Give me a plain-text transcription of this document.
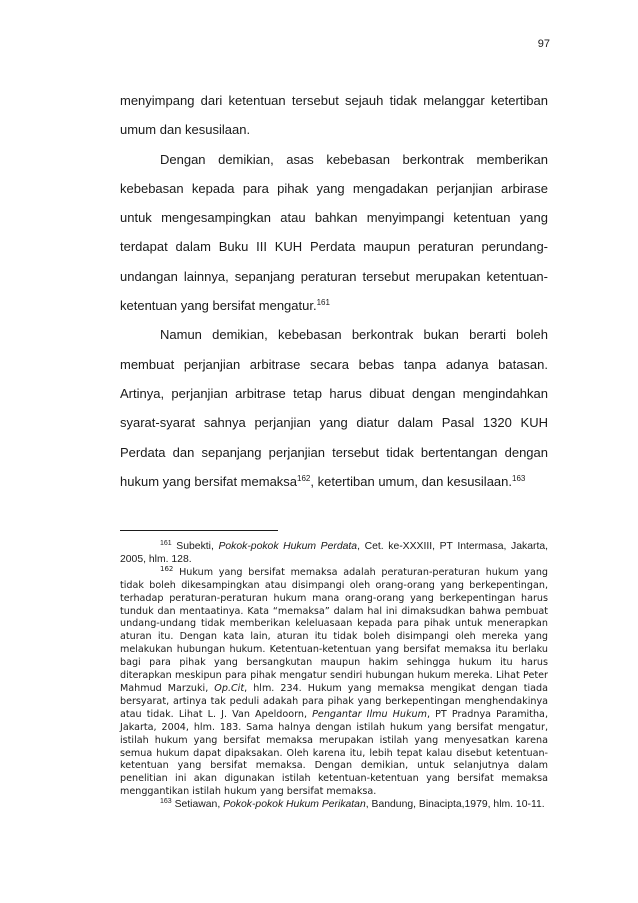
97

menyimpang dari ketentuan tersebut sejauh tidak melanggar ketertiban umum dan kesusilaan.

Dengan demikian, asas kebebasan berkontrak memberikan kebebasan kepada para pihak yang mengadakan perjanjian arbirase untuk mengesampingkan atau bahkan menyimpangi ketentuan yang terdapat dalam Buku III KUH Perdata maupun peraturan perundang-undangan lainnya, sepanjang peraturan tersebut merupakan ketentuan-ketentuan yang bersifat mengatur.$^{161}$

Namun demikian, kebebasan berkontrak bukan berarti boleh membuat perjanjian arbitrase secara bebas tanpa adanya batasan. Artinya, perjanjian arbitrase tetap harus dibuat dengan mengindahkan syarat-syarat sahnya perjanjian yang diatur dalam Pasal 1320 KUH Perdata dan sepanjang perjanjian tersebut tidak bertentangan dengan hukum yang bersifat memaksa$^{162}$, ketertiban umum, dan kesusilaan.$^{163}$

$^{161}$ Subekti, Pokok-pokok Hukum Perdata, Cet. ke-XXXIII, PT Intermasa, Jakarta, 2005, hlm. 128.

$^{162}$ Hukum yang bersifat memaksa adalah peraturan-peraturan hukum yang tidak boleh dikesampingkan atau disimpangi oleh orang-orang yang berkepentingan, terhadap peraturan-peraturan hukum mana orang-orang yang berkepentingan harus tunduk dan mentaatinya. Kata “memaksa” dalam hal ini dimaksudkan bahwa pembuat undang-undang tidak memberikan keleluasaan kepada para pihak untuk menerapkan aturan itu. Dengan kata lain, aturan itu tidak boleh disimpangi oleh mereka yang melakukan hubungan hukum. Ketentuan-ketentuan yang bersifat memaksa itu berlaku bagi para pihak yang bersangkutan maupun hakim sehingga hukum itu harus diterapkan meskipun para pihak mengatur sendiri hubungan hukum mereka. Lihat Peter Mahmud Marzuki, Op.Cit, hlm. 234. Hukum yang memaksa mengikat dengan tiada bersyarat, artinya tak peduli adakah para pihak yang berkepentingan menghendakinya atau tidak. Lihat L. J. Van Apeldoorn, Pengantar Ilmu Hukum, PT Pradnya Paramitha, Jakarta, 2004, hlm. 183. Sama halnya dengan istilah hukum yang bersifat mengatur, istilah hukum yang bersifat memaksa merupakan istilah yang menyesatkan karena semua hukum dapat dipaksakan. Oleh karena itu, lebih tepat kalau disebut ketentuan-ketentuan yang bersifat memaksa. Dengan demikian, untuk selanjutnya dalam penelitian ini akan digunakan istilah ketentuan-ketentuan yang bersifat memaksa menggantikan istilah hukum yang bersifat memaksa.

$^{163}$ Setiawan, Pokok-pokok Hukum Perikatan, Bandung, Binacipta,1979, hlm. 10-11.
